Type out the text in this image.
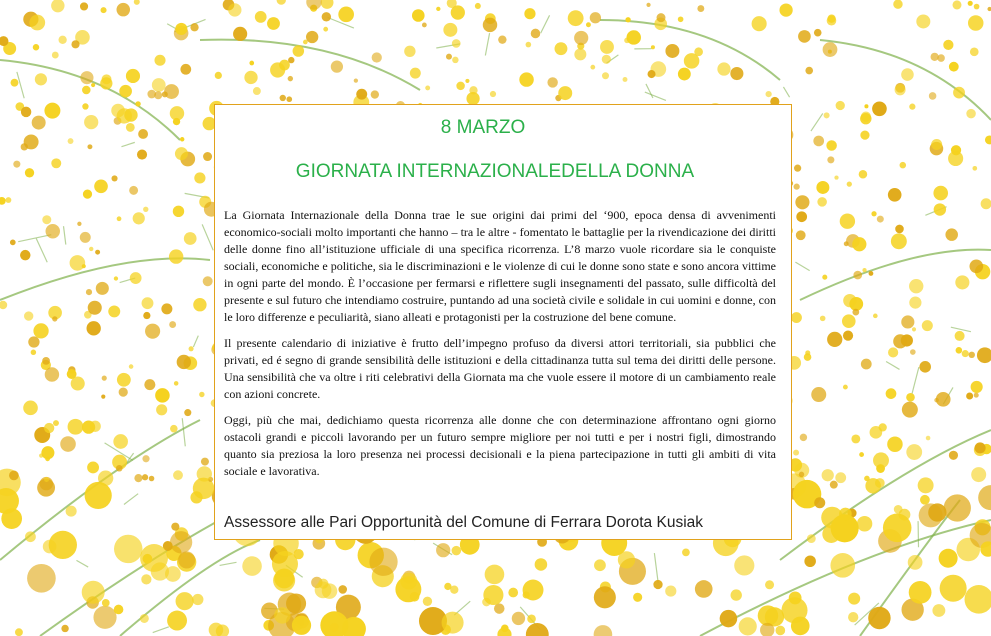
8 MARZO
GIORNATA INTERNAZIONALEDELLA DONNA

La Giornata Internazionale della Donna trae le sue origini dai primi del ‘900, epoca densa di avvenimenti economico-sociali molto importanti che hanno – tra le altre - fomentato le battaglie per la rivendicazione dei diritti delle donne fino all’istituzione ufficiale di una specifica ricorrenza. L’8 marzo vuole ricordare sia le conquiste sociali, economiche e politiche, sia le discriminazioni e le violenze di cui le donne sono state e sono ancora vittime in ogni parte del mondo. È l’occasione per fermarsi e riflettere sugli insegnamenti del passato, sulle difficoltà del presente e sul futuro che intendiamo costruire, puntando ad una società civile e solidale in cui uomini e donne, con le loro differenze e peculiarità, siano alleati e protagonisti per la costruzione del bene comune.

Il presente calendario di iniziative è frutto dell’impegno profuso da diversi attori territoriali, sia pubblici che privati, ed é segno di grande sensibilità delle istituzioni e della cittadinanza tutta sul tema dei diritti delle persone. Una sensibilità che va oltre i riti celebrativi della Giornata ma che vuole essere il motore di un cambiamento reale con azioni concrete.

Oggi, più che mai, dedichiamo questa ricorrenza alle donne che con determinazione affrontano ogni giorno ostacoli grandi e piccoli lavorando per un futuro sempre migliore per noi tutti e per i nostri figli, dimostrando quanto sia preziosa la loro presenza nei processi decisionali e la piena partecipazione in tutti gli ambiti di vita sociale e lavorativa.

Assessore alle Pari Opportunità del Comune di Ferrara Dorota Kusiak
